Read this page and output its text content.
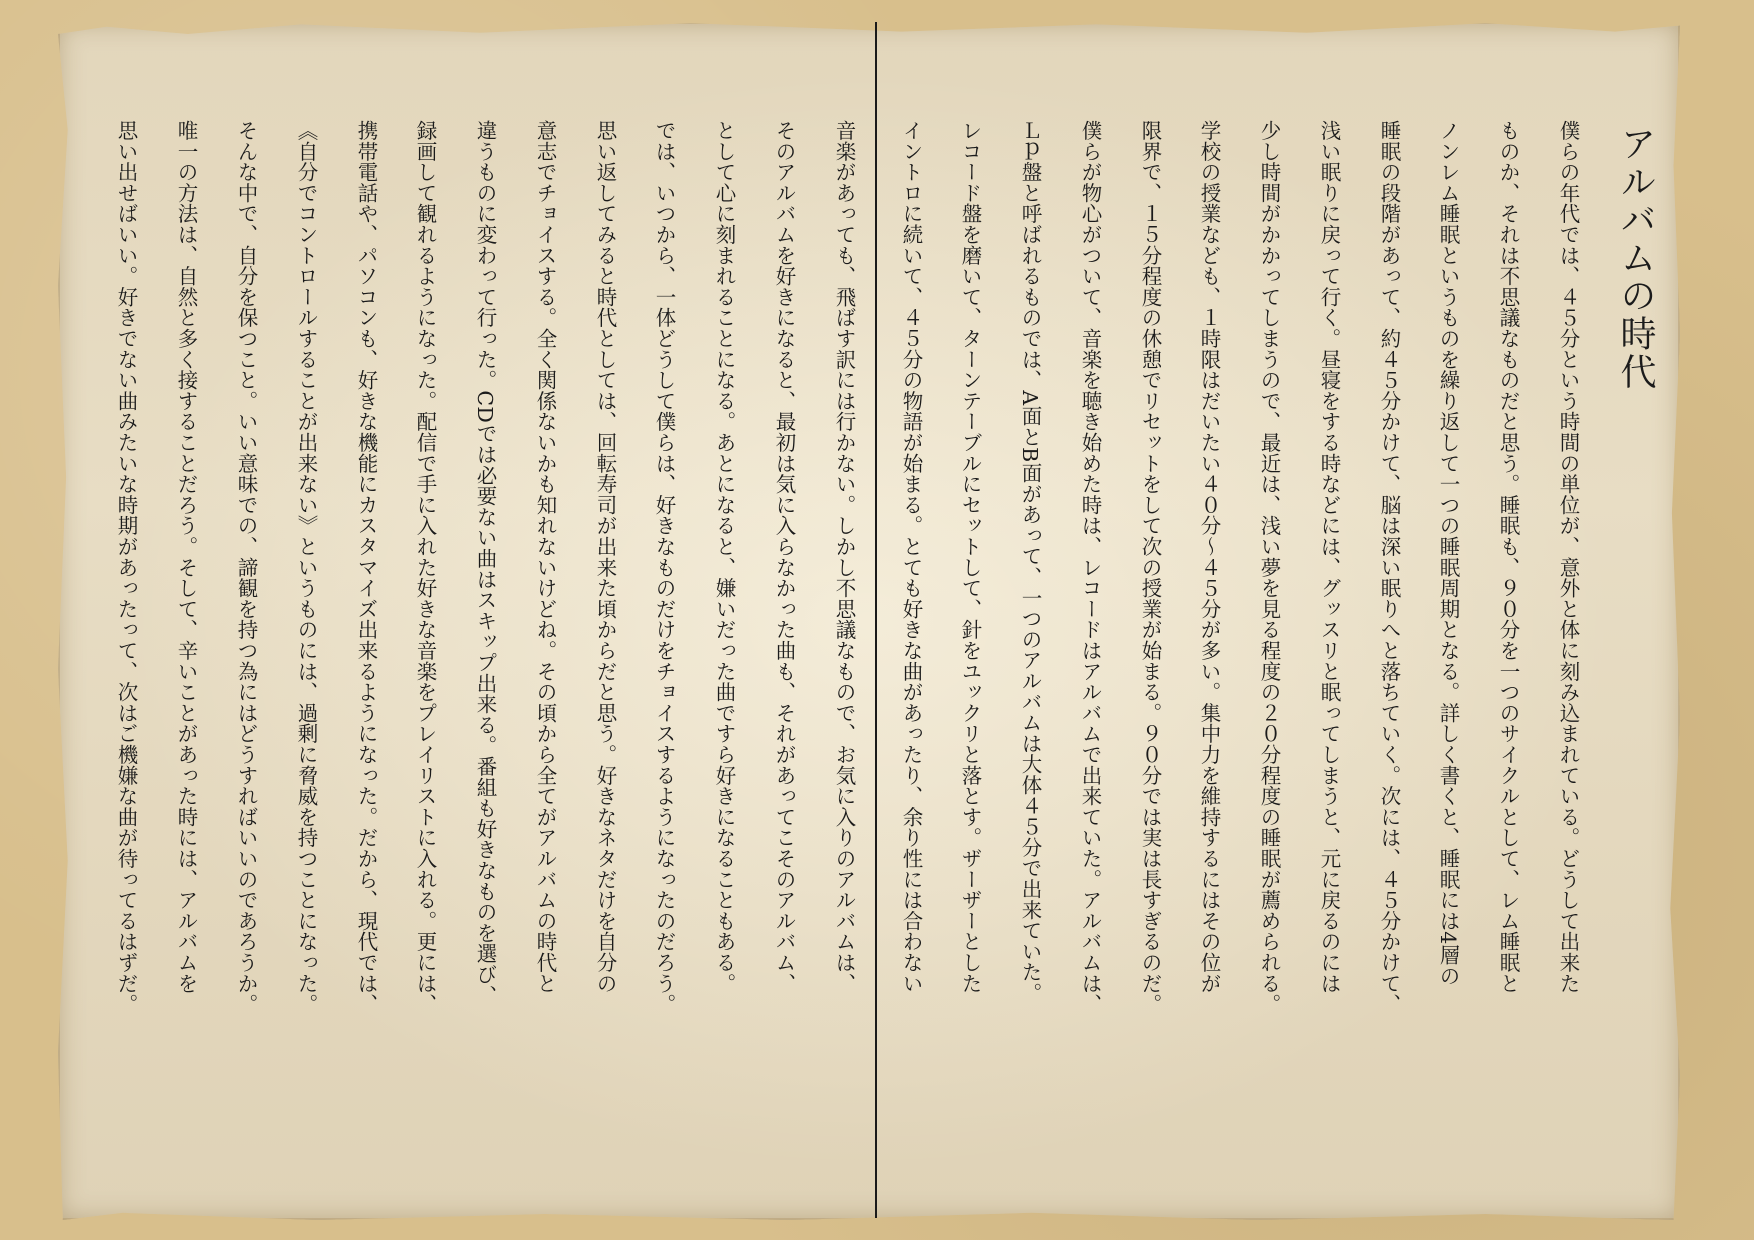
アルバムの時代
僕らの年代では、４５分という時間の単位が、意外と体に刻み込まれている。どうして出来た
ものか、それは不思議なものだと思う。睡眠も、９０分を一つのサイクルとして、レム睡眠と
ノンレム睡眠というものを繰り返して一つの睡眠周期となる。詳しく書くと、睡眠には4層の
睡眠の段階があって、約４５分かけて、脳は深い眠りへと落ちていく。次には、４５分かけて、
浅い眠りに戻って行く。昼寝をする時などには、グッスリと眠ってしまうと、元に戻るのには
少し時間がかかってしまうので、最近は、浅い夢を見る程度の２０分程度の睡眠が薦められる。
学校の授業なども、１時限はだいたい４０分〜４５分が多い。集中力を維持するにはその位が
限界で、１５分程度の休憩でリセットをして次の授業が始まる。９０分では実は長すぎるのだ。
僕らが物心がついて、音楽を聴き始めた時は、レコードはアルバムで出来ていた。アルバムは、
Ｌｐ盤と呼ばれるものでは、A面とB面があって、一つのアルバムは大体４５分で出来ていた。
レコード盤を磨いて、ターンテーブルにセットして、針をユックリと落とす。ザーザーとした
イントロに続いて、４５分の物語が始まる。とても好きな曲があったり、余り性には合わない
音楽があっても、飛ばす訳には行かない。しかし不思議なもので、お気に入りのアルバムは、
そのアルバムを好きになると、最初は気に入らなかった曲も、それがあってこそのアルバム、
として心に刻まれることになる。あとになると、嫌いだった曲ですら好きになることもある。
では、いつから、一体どうして僕らは、好きなものだけをチョイスするようになったのだろう。
思い返してみると時代としては、回転寿司が出来た頃からだと思う。好きなネタだけを自分の
意志でチョイスする。全く関係ないかも知れないけどね。その頃から全てがアルバムの時代と
違うものに変わって行った。CDでは必要ない曲はスキップ出来る。番組も好きなものを選び、
録画して観れるようになった。配信で手に入れた好きな音楽をプレイリストに入れる。更には、
携帯電話や、パソコンも、好きな機能にカスタマイズ出来るようになった。だから、現代では、
《自分でコントロールすることが出来ない》というものには、過剰に脅威を持つことになった。
そんな中で、自分を保つこと。いい意味での、諦観を持つ為にはどうすればいいのであろうか。
唯一の方法は、自然と多く接することだろう。そして、辛いことがあった時には、アルバムを
思い出せばいい。好きでない曲みたいな時期があったって、次はご機嫌な曲が待ってるはずだ。
